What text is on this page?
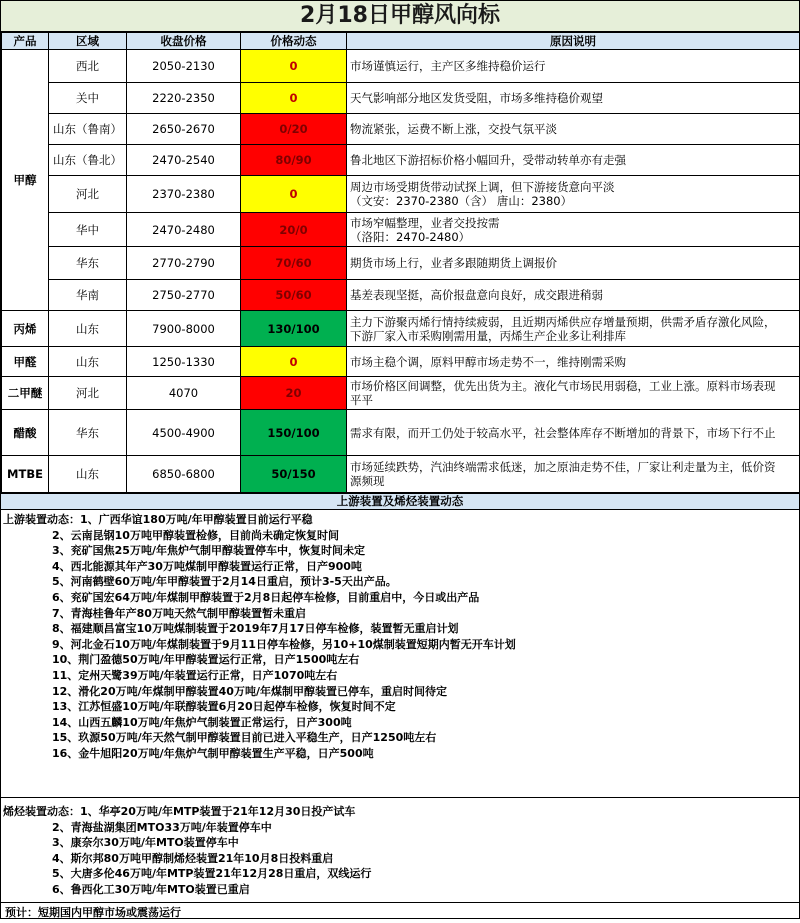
2月18日甲醇风向标
产品	区域	收盘价格	价格动态	原因说明
甲醇	西北	2050-2130	0	市场谨慎运行，主产区多维持稳价运行

	关中	2220-2350	0	天气影响部分地区发货受阻，市场多维持稳价观望

	山东（鲁南）	2650-2670	0/20	物流紧张，运费不断上涨，交投气氛平淡

	山东（鲁北）	2470-2540	80/90	鲁北地区下游招标价格小幅回升，受带动转单亦有走强

	河北	2370-2380	0	周边市场受期货带动试探上调，但下游接货意向平淡
（文安：2370-2380（含） 唐山：2380）

	华中	2470-2480	20/0	市场窄幅整理，业者交投按需
（洛阳：2470-2480）

	华东	2770-2790	70/60	期货市场上行，业者多跟随期货上调报价

	华南	2750-2770	50/60	基差表现坚挺，高价报盘意向良好，成交跟进稍弱

丙烯	山东	7900-8000	130/100	主力下游聚丙烯行情持续疲弱，且近期丙烯供应存增量预期，供需矛盾存激化风险，
下游厂家入市采购刚需用量，丙烯生产企业多让利排库

甲醛	山东	1250-1330	0	市场主稳个调，原料甲醇市场走势不一，维持刚需采购

二甲醚	河北	4070	20	市场价格区间调整，优先出货为主。液化气市场民用弱稳，工业上涨。原料市场表现
平平

醋酸	华东	4500-4900	150/100	需求有限，而开工仍处于较高水平，社会整体库存不断增加的背景下，市场下行不止

MTBE	山东	6850-6800	50/150	市场延续跌势，汽油终端需求低迷，加之原油走势不佳，厂家让利走量为主，低价资
源频现
上游装置及烯烃装置动态
上游装置动态：1、广西华谊180万吨/年甲醇装置目前运行平稳
2、云南昆钢10万吨甲醇装置检修，目前尚未确定恢复时间
3、兖矿国焦25万吨/年焦炉气制甲醇装置停车中，恢复时间未定
4、西北能源其年产30万吨煤制甲醇装置运行正常，日产900吨
5、河南鹤壁60万吨/年甲醇装置于2月14日重启，预计3-5天出产品。
6、兖矿国宏64万吨/年煤制甲醇装置于2月8日起停车检修，目前重启中，今日或出产品
7、青海桂鲁年产80万吨天然气制甲醇装置暂未重启
8、福建顺昌富宝10万吨煤制装置于2019年7月17日停车检修，装置暂无重启计划
9、河北金石10万吨/年煤制装置于9月11日停车检修，另10+10煤制装置短期内暂无开车计划
10、荆门盈德50万吨/年甲醇装置运行正常，日产1500吨左右
11、定州天鹭39万吨/年装置运行正常，日产1070吨左右
12、滑化20万吨/年煤制甲醇装置40万吨/年煤制甲醇装置已停车，重启时间待定
13、江苏恒盛10万吨/年联醇装置6月20日起停车检修，恢复时间不定
14、山西五麟10万吨/年焦炉气制装置正常运行，日产300吨
15、玖源50万吨/年天然气制甲醇装置目前已进入平稳生产，日产1250吨左右
16、金牛旭阳20万吨/年焦炉气制甲醇装置生产平稳，日产500吨
烯烃装置动态：1、华亭20万吨/年MTP装置于21年12月30日投产试车
2、青海盐湖集团MTO33万吨/年装置停车中
3、康奈尔30万吨/年MTO装置停车中
4、斯尔邦80万吨甲醇制烯烃装置21年10月8日投料重启
5、大唐多伦46万吨/年MTP装置21年12月28日重启，双线运行
6、鲁西化工30万吨/年MTO装置已重启
预计：短期国内甲醇市场或震荡运行
